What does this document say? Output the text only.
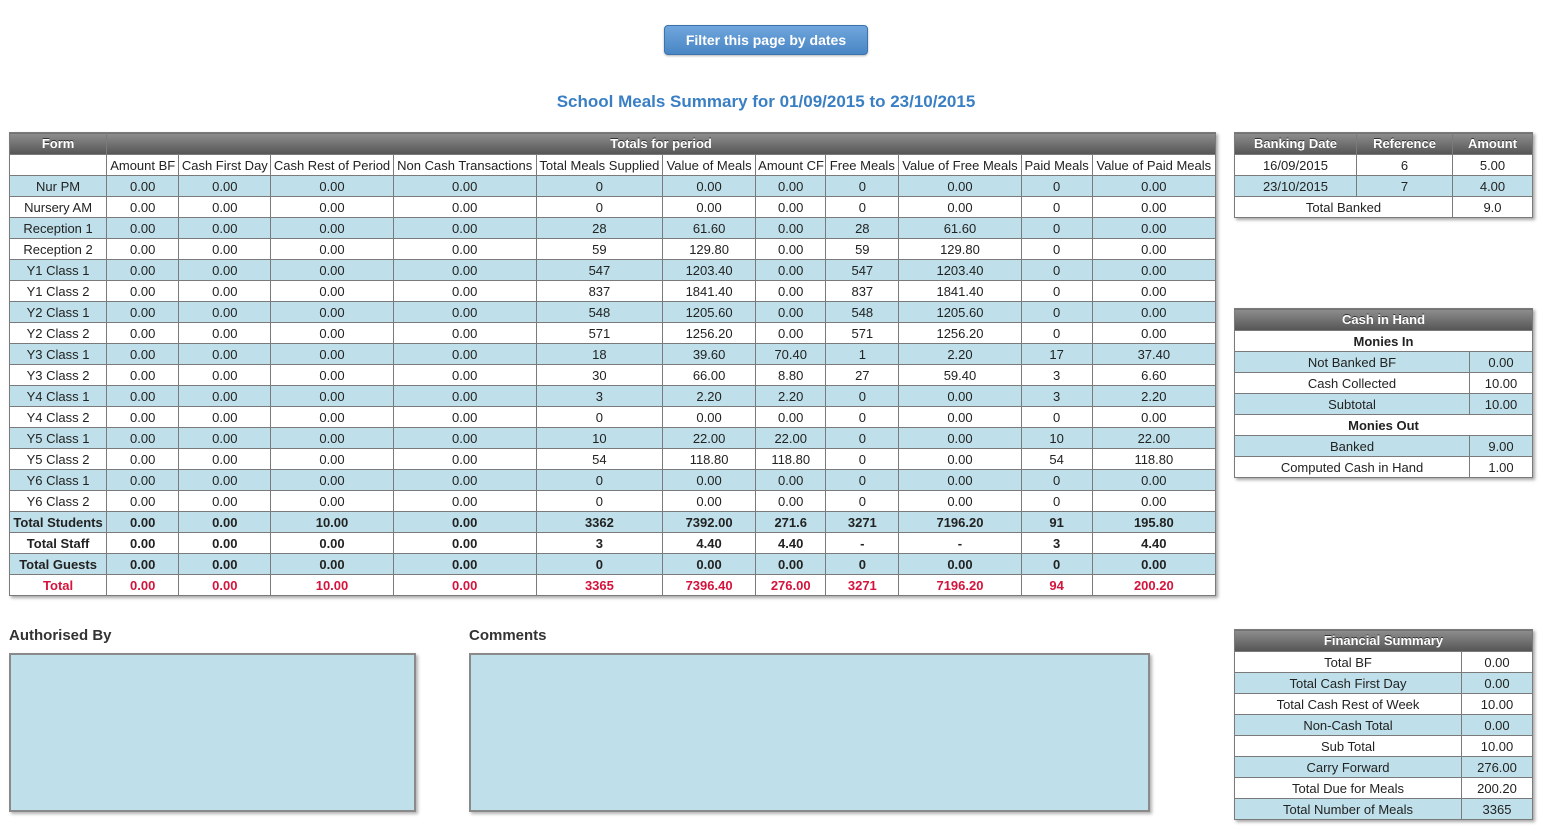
Filter this page by dates
School Meals Summary for 01/09/2015 to 23/10/2015
Form	Totals for period										
	Amount BF	Cash First Day	Cash Rest of Period	Non Cash Transactions	Total Meals Supplied	Value of Meals	Amount CF	Free Meals	Value of Free Meals	Paid Meals	Value of Paid Meals
Nur PM	0.00	0.00	0.00	0.00	0	0.00	0.00	0	0.00	0	0.00
Nursery AM	0.00	0.00	0.00	0.00	0	0.00	0.00	0	0.00	0	0.00
Reception 1	0.00	0.00	0.00	0.00	28	61.60	0.00	28	61.60	0	0.00
Reception 2	0.00	0.00	0.00	0.00	59	129.80	0.00	59	129.80	0	0.00
Y1 Class 1	0.00	0.00	0.00	0.00	547	1203.40	0.00	547	1203.40	0	0.00
Y1 Class 2	0.00	0.00	0.00	0.00	837	1841.40	0.00	837	1841.40	0	0.00
Y2 Class 1	0.00	0.00	0.00	0.00	548	1205.60	0.00	548	1205.60	0	0.00
Y2 Class 2	0.00	0.00	0.00	0.00	571	1256.20	0.00	571	1256.20	0	0.00
Y3 Class 1	0.00	0.00	0.00	0.00	18	39.60	70.40	1	2.20	17	37.40
Y3 Class 2	0.00	0.00	0.00	0.00	30	66.00	8.80	27	59.40	3	6.60
Y4 Class 1	0.00	0.00	0.00	0.00	3	2.20	2.20	0	0.00	3	2.20
Y4 Class 2	0.00	0.00	0.00	0.00	0	0.00	0.00	0	0.00	0	0.00
Y5 Class 1	0.00	0.00	0.00	0.00	10	22.00	22.00	0	0.00	10	22.00
Y5 Class 2	0.00	0.00	0.00	0.00	54	118.80	118.80	0	0.00	54	118.80
Y6 Class 1	0.00	0.00	0.00	0.00	0	0.00	0.00	0	0.00	0	0.00
Y6 Class 2	0.00	0.00	0.00	0.00	0	0.00	0.00	0	0.00	0	0.00
Total Students	0.00	0.00	10.00	0.00	3362	7392.00	271.6	3271	7196.20	91	195.80
Total Staff	0.00	0.00	0.00	0.00	3	4.40	4.40	-	-	3	4.40
Total Guests	0.00	0.00	0.00	0.00	0	0.00	0.00	0	0.00	0	0.00
Total	0.00	0.00	10.00	0.00	3365	7396.40	276.00	3271	7196.20	94	200.20
Banking Date	Reference	Amount
16/09/2015	6	5.00
23/10/2015	7	4.00
Total Banked		9.0
Cash in Hand	
Monies In	
Not Banked BF	0.00
Cash Collected	10.00
Subtotal	10.00
Monies Out	
Banked	9.00
Computed Cash in Hand	1.00
Authorised By	Comments	Financial Summary	
Total BF	0.00
Total Cash First Day	0.00
Total Cash Rest of Week	10.00
Non-Cash Total	0.00
Sub Total	10.00
Carry Forward	276.00
Total Due for Meals	200.20
Total Number of Meals	3365
